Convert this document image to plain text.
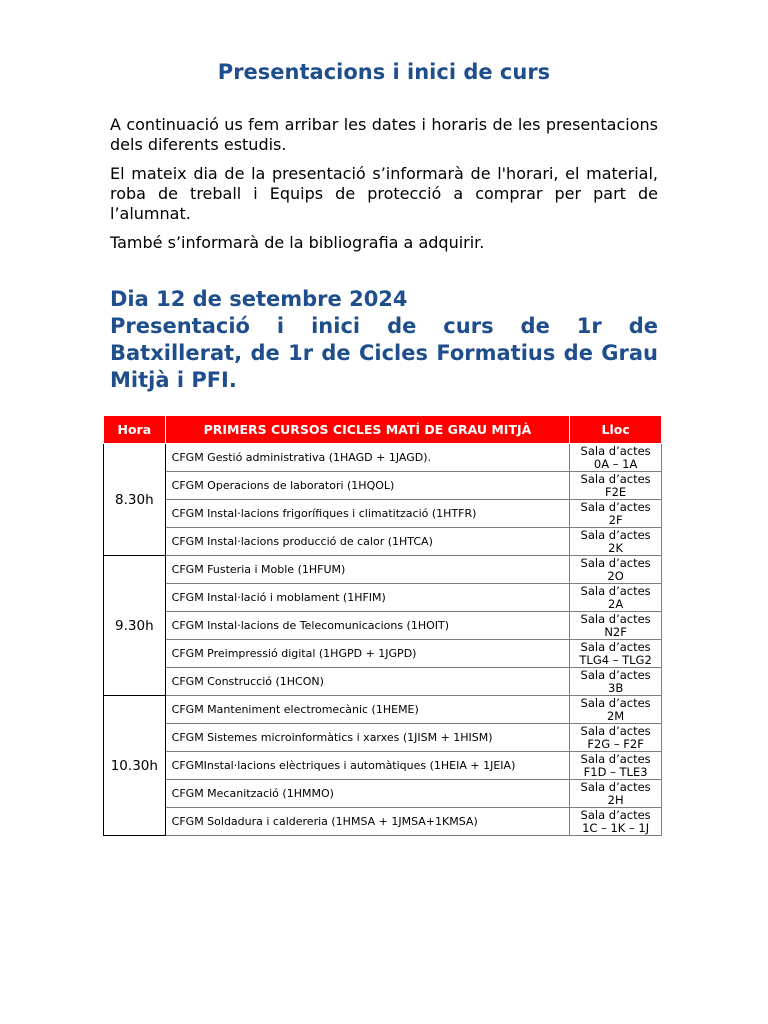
Presentacions i inici de curs
A continuació us fem arribar les dates i horaris de les presentacions dels diferents estudis.
El mateix dia de la presentació s’informarà de l'horari, el material, roba de treball i Equips de protecció a comprar per part de l’alumnat.
També s’informarà de la bibliografia a adquirir.
Dia 12 de setembre 2024
Presentació i inici de curs de 1r de Batxillerat, de 1r de Cicles Formatius de Grau Mitjà i PFI.
Hora	PRIMERS CURSOS CICLES MATÍ DE GRAU MITJÀ	Lloc
8.30h	CFGM Gestió administrativa (1HAGD + 1JAGD).	Sala d’actes
0A – 1A
	CFGM Operacions de laboratori (1HQOL)	Sala d’actes
F2E
	CFGM Instal·lacions frigorífiques i climatització (1HTFR)	Sala d’actes
2F
	CFGM Instal·lacions producció de calor (1HTCA)	Sala d’actes
2K
9.30h	CFGM Fusteria i Moble (1HFUM)	Sala d’actes
2O
	CFGM Instal·lació i moblament (1HFIM)	Sala d’actes
2A
	CFGM Instal·lacions de Telecomunicacions (1HOIT)	Sala d’actes
N2F
	CFGM Preimpressió digital (1HGPD + 1JGPD)	Sala d’actes
TLG4 – TLG2
	CFGM Construcció (1HCON)	Sala d’actes
3B
10.30h	CFGM Manteniment electromecànic (1HEME)	Sala d’actes
2M
	CFGM Sistemes microinformàtics i xarxes (1JISM + 1HISM)	Sala d’actes
F2G – F2F
	CFGMInstal·lacions elèctriques i automàtiques (1HEIA + 1JEIA)	Sala d’actes
F1D – TLE3
	CFGM Mecanització (1HMMO)	Sala d’actes
2H
	CFGM Soldadura i caldereria (1HMSA + 1JMSA+1KMSA)	Sala d’actes
1C – 1K – 1J
